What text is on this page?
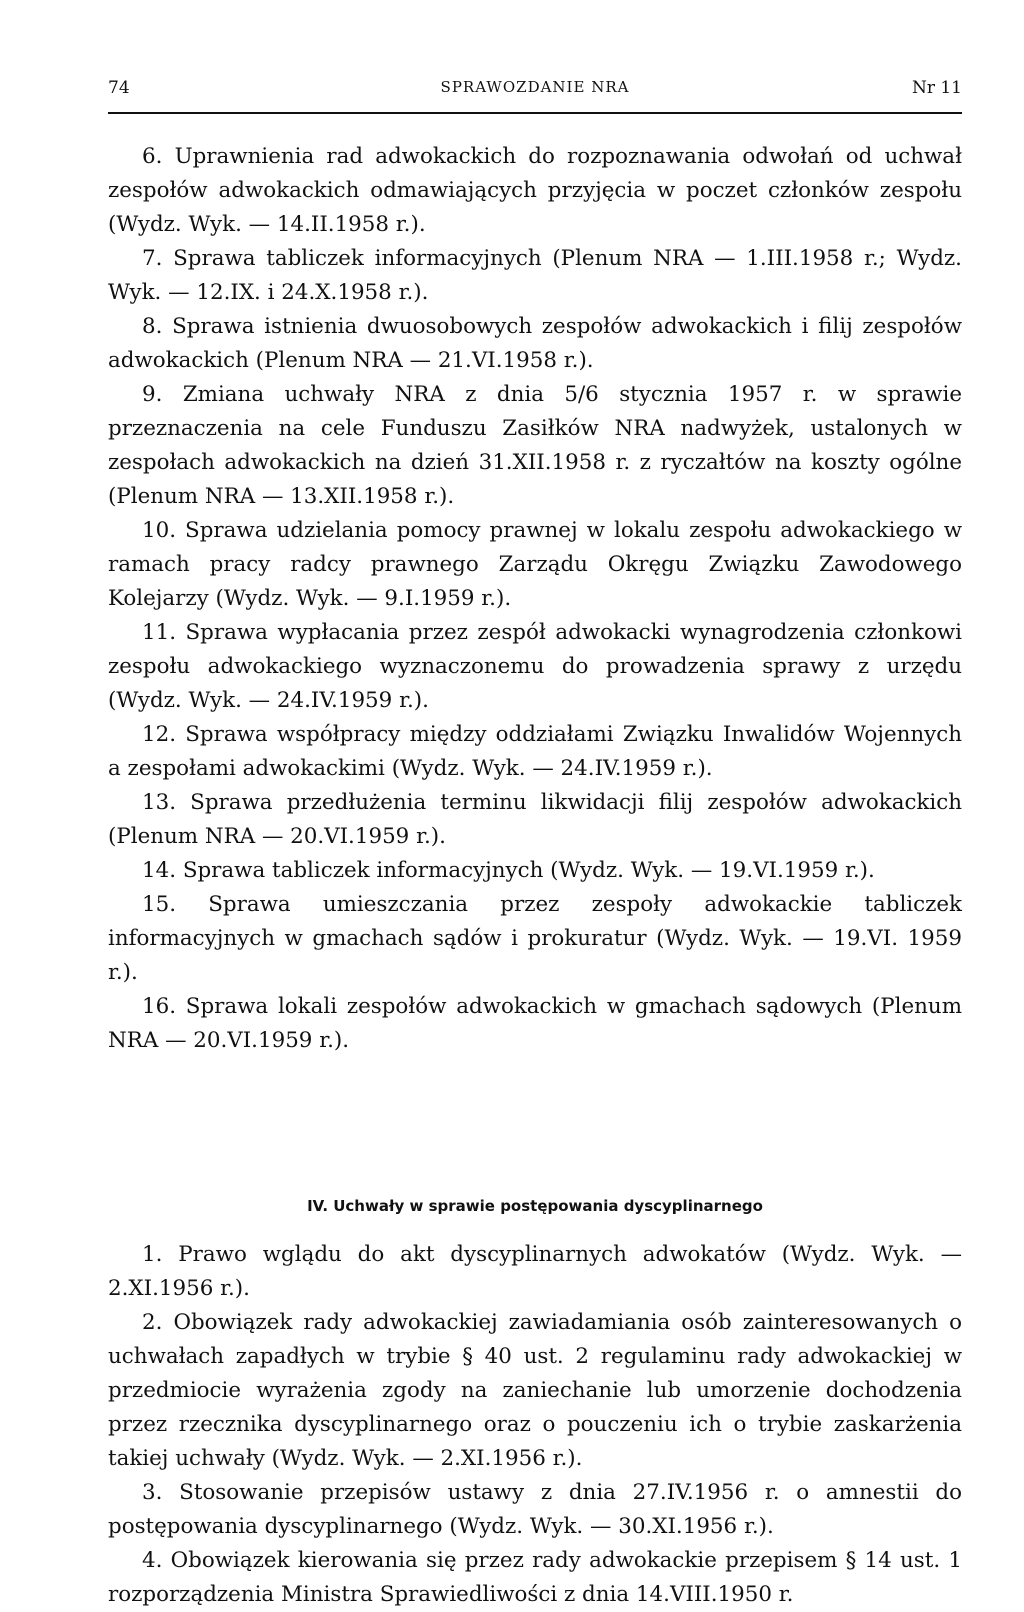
74	SPRAWOZDANIE NRA	Nr 11

6. Uprawnienia rad adwokackich do rozpoznawania odwołań od uchwał zespołów adwokackich odmawiających przyjęcia w poczet członków zespołu (Wydz. Wyk. — 14.II.1958 r.).

7. Sprawa tabliczek informacyjnych (Plenum NRA — 1.III.1958 r.; Wydz. Wyk. — 12.IX. i 24.X.1958 r.).

8. Sprawa istnienia dwuosobowych zespołów adwokackich i filij zespołów adwokackich (Plenum NRA — 21.VI.1958 r.).

9. Zmiana uchwały NRA z dnia 5/6 stycznia 1957 r. w sprawie przeznaczenia na cele Funduszu Zasiłków NRA nadwyżek, ustalonych w zespołach adwokackich na dzień 31.XII.1958 r. z ryczałtów na koszty ogólne (Plenum NRA — 13.XII.1958 r.).

10. Sprawa udzielania pomocy prawnej w lokalu zespołu adwokackiego w ramach pracy radcy prawnego Zarządu Okręgu Związku Zawodowego Kolejarzy (Wydz. Wyk. — 9.I.1959 r.).

11. Sprawa wypłacania przez zespół adwokacki wynagrodzenia członkowi zespołu adwokackiego wyznaczonemu do prowadzenia sprawy z urzędu (Wydz. Wyk. — 24.IV.1959 r.).

12. Sprawa współpracy między oddziałami Związku Inwalidów Wojennych a zespołami adwokackimi (Wydz. Wyk. — 24.IV.1959 r.).

13. Sprawa przedłużenia terminu likwidacji filij zespołów adwokackich (Plenum NRA — 20.VI.1959 r.).

14. Sprawa tabliczek informacyjnych (Wydz. Wyk. — 19.VI.1959 r.).

15. Sprawa umieszczania przez zespoły adwokackie tabliczek informacyjnych w gmachach sądów i prokuratur (Wydz. Wyk. — 19.VI. 1959 r.).

16. Sprawa lokali zespołów adwokackich w gmachach sądowych (Plenum NRA — 20.VI.1959 r.).

IV. Uchwały w sprawie postępowania dyscyplinarnego

1. Prawo wglądu do akt dyscyplinarnych adwokatów (Wydz. Wyk. — 2.XI.1956 r.).

2. Obowiązek rady adwokackiej zawiadamiania osób zainteresowanych o uchwałach zapadłych w trybie § 40 ust. 2 regulaminu rady adwokackiej w przedmiocie wyrażenia zgody na zaniechanie lub umorzenie dochodzenia przez rzecznika dyscyplinarnego oraz o pouczeniu ich o trybie zaskarżenia takiej uchwały (Wydz. Wyk. — 2.XI.1956 r.).

3. Stosowanie przepisów ustawy z dnia 27.IV.1956 r. o amnestii do postępowania dyscyplinarnego (Wydz. Wyk. — 30.XI.1956 r.).

4. Obowiązek kierowania się przez rady adwokackie przepisem § 14 ust. 1 rozporządzenia Ministra Sprawiedliwości z dnia 14.VIII.1950 r.
